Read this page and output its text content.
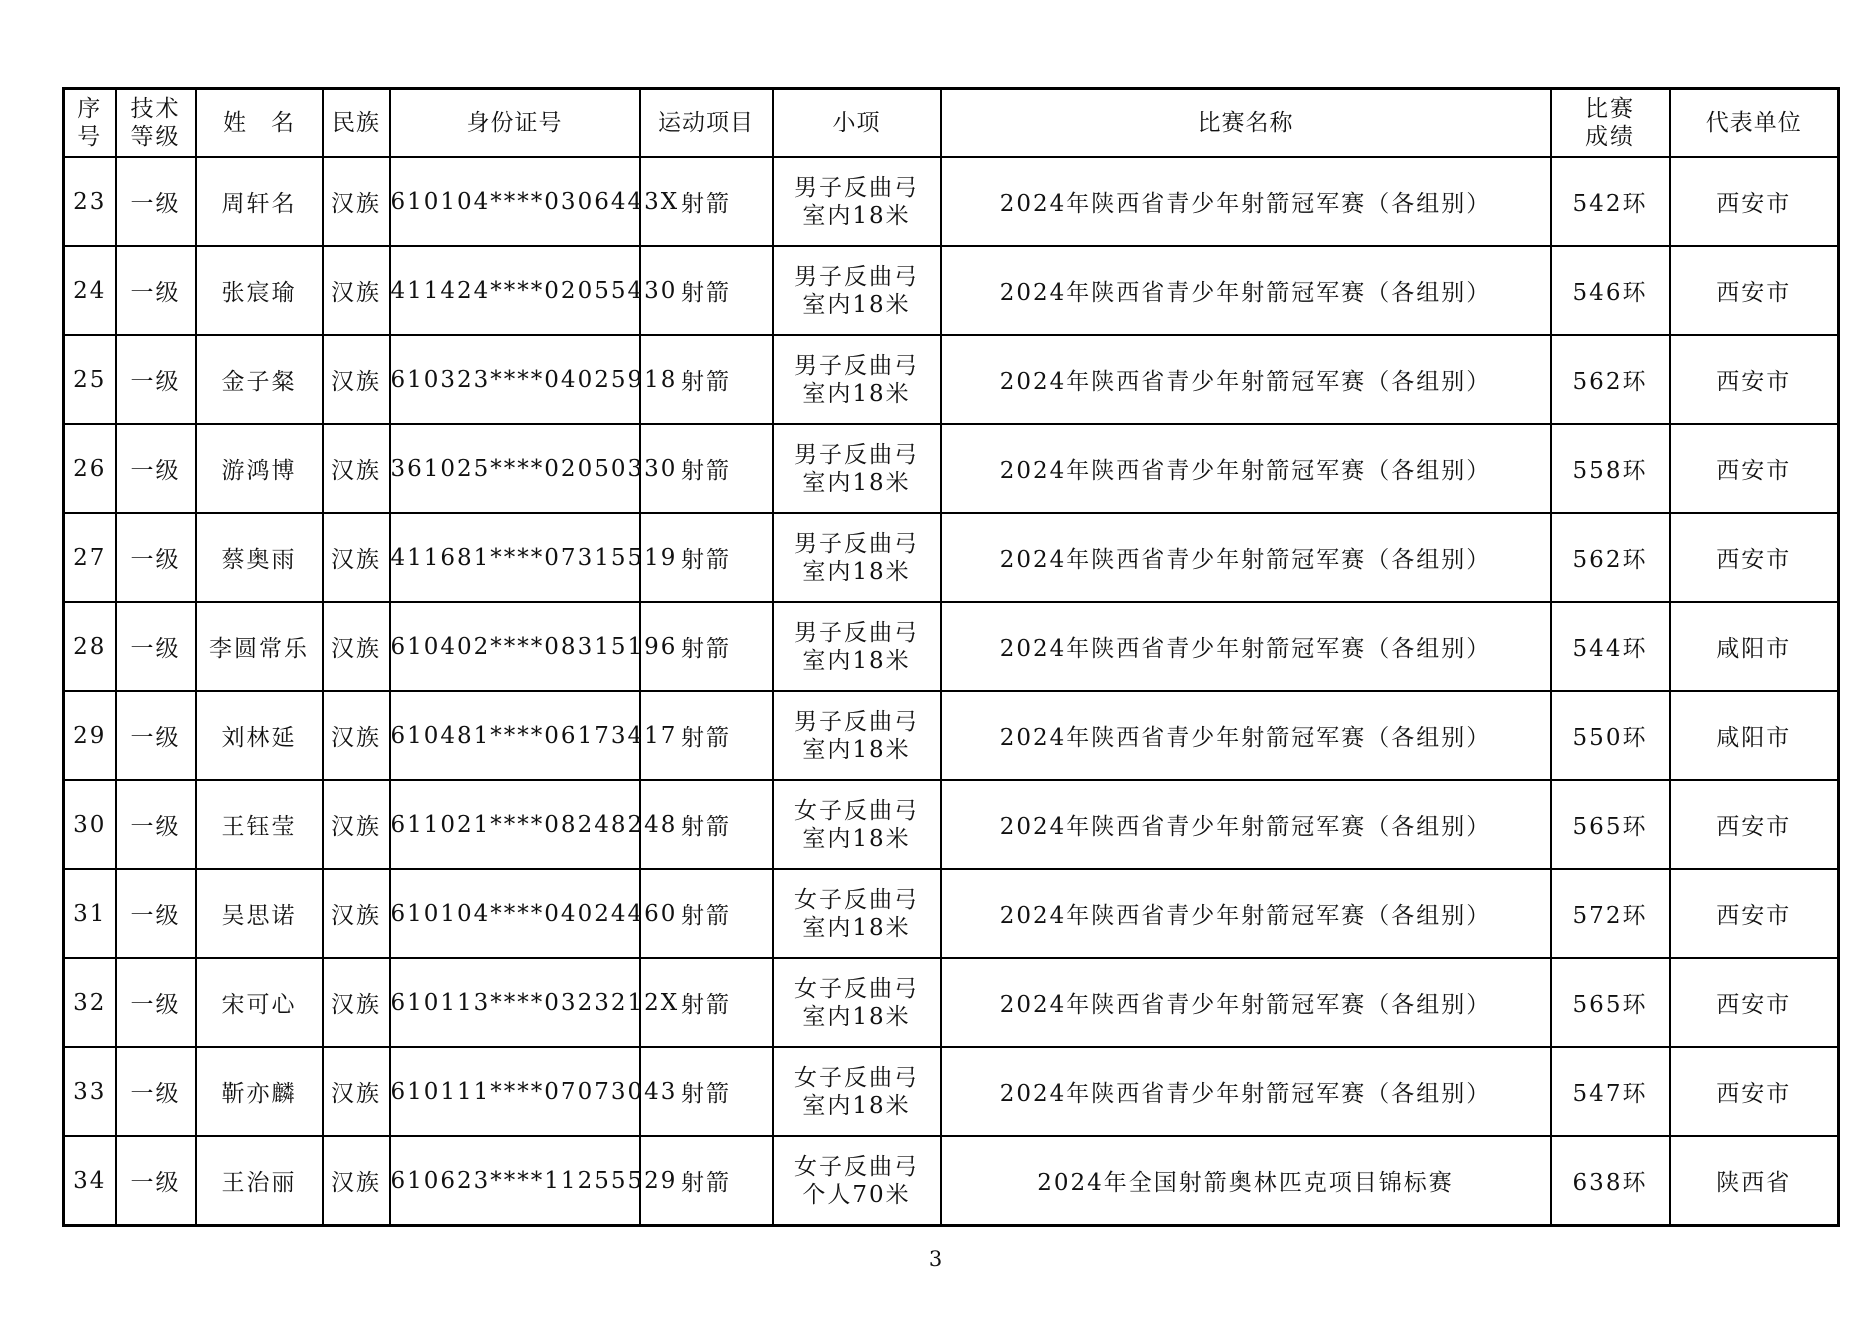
序号	技术等级	姓　名	民族	身份证号	运动项目	小项	比赛名称	比赛成绩	代表单位
23	一级	周轩名	汉族	610104****0306443X	射箭	男子反曲弓
室内18米	2024年陕西省青少年射箭冠军赛（各组别）	542环	西安市
24	一级	张宸瑜	汉族	411424****02055430	射箭	男子反曲弓
室内18米	2024年陕西省青少年射箭冠军赛（各组别）	546环	西安市
25	一级	金子粲	汉族	610323****04025918	射箭	男子反曲弓
室内18米	2024年陕西省青少年射箭冠军赛（各组别）	562环	西安市
26	一级	游鸿博	汉族	361025****02050330	射箭	男子反曲弓
室内18米	2024年陕西省青少年射箭冠军赛（各组别）	558环	西安市
27	一级	蔡奥雨	汉族	411681****07315519	射箭	男子反曲弓
室内18米	2024年陕西省青少年射箭冠军赛（各组别）	562环	西安市
28	一级	李圆常乐	汉族	610402****08315196	射箭	男子反曲弓
室内18米	2024年陕西省青少年射箭冠军赛（各组别）	544环	咸阳市
29	一级	刘林延	汉族	610481****06173417	射箭	男子反曲弓
室内18米	2024年陕西省青少年射箭冠军赛（各组别）	550环	咸阳市
30	一级	王钰莹	汉族	611021****08248248	射箭	女子反曲弓
室内18米	2024年陕西省青少年射箭冠军赛（各组别）	565环	西安市
31	一级	吴思诺	汉族	610104****04024460	射箭	女子反曲弓
室内18米	2024年陕西省青少年射箭冠军赛（各组别）	572环	西安市
32	一级	宋可心	汉族	610113****0323212X	射箭	女子反曲弓
室内18米	2024年陕西省青少年射箭冠军赛（各组别）	565环	西安市
33	一级	靳亦麟	汉族	610111****07073043	射箭	女子反曲弓
室内18米	2024年陕西省青少年射箭冠军赛（各组别）	547环	西安市
34	一级	王治丽	汉族	610623****11255529	射箭	女子反曲弓
个人70米	2024年全国射箭奥林匹克项目锦标赛	638环	陕西省
3
